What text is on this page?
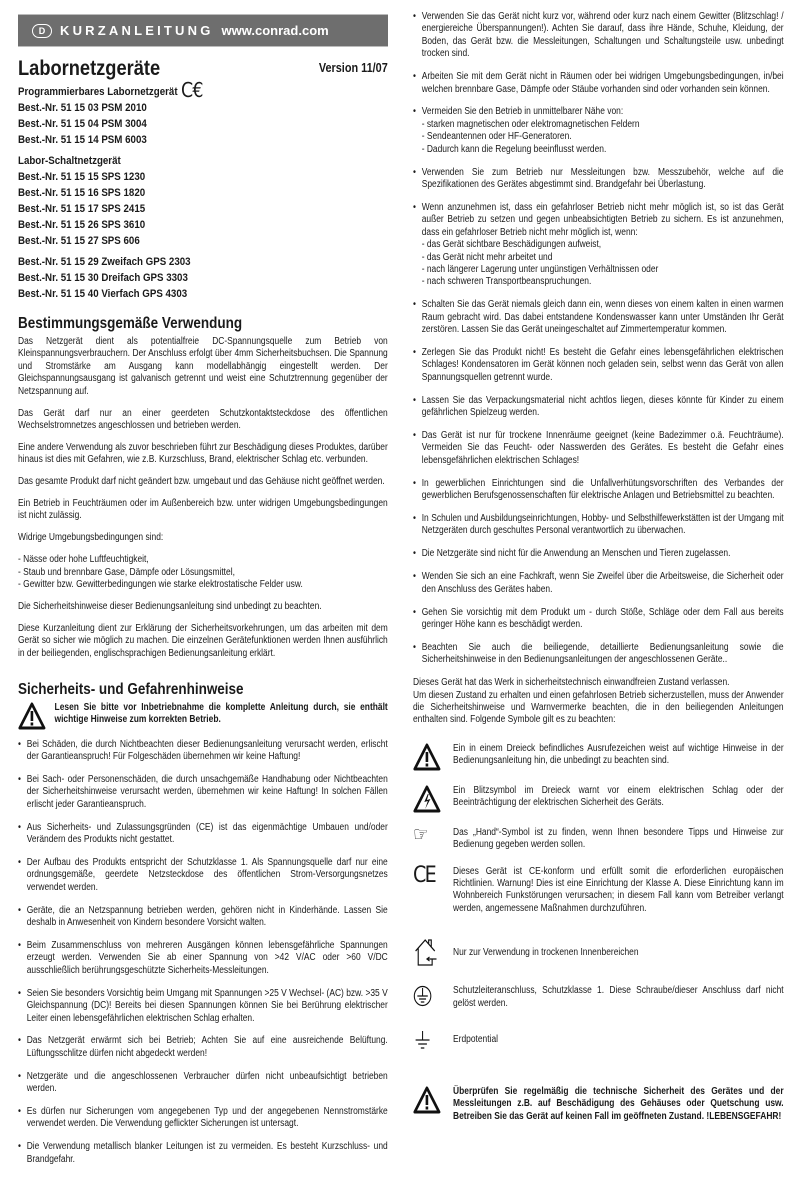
D	KURZANLEITUNG www.conrad.com
Version 11/07
Labornetzgeräte
Programmierbares Labornetzgerät C€
Best.-Nr. 51 15 03 PSM 2010
Best.-Nr. 51 15 04 PSM 3004
Best.-Nr. 51 15 14 PSM 6003
Labor-Schaltnetzgerät
Best.-Nr. 51 15 15 SPS 1230
Best.-Nr. 51 15 16 SPS 1820
Best.-Nr. 51 15 17 SPS 2415
Best.-Nr. 51 15 26 SPS 3610
Best.-Nr. 51 15 27 SPS 606
Best.-Nr. 51 15 29 Zweifach GPS 2303
Best.-Nr. 51 15 30 Dreifach GPS 3303
Best.-Nr. 51 15 40 Vierfach GPS 4303
Bestimmungsgemäße Verwendung

Das Netzgerät dient als potentialfreie DC-Spannungsquelle zum Betrieb von Kleinspannungsverbrauchern. Der Anschluss erfolgt über 4mm Sicherheitsbuchsen. Die Spannung und Stromstärke am Ausgang kann modellabhängig eingestellt werden. Der Gleichspannungsausgang ist galvanisch getrennt und weist eine Schutztrennung gegenüber der Netzspannung auf.

Das Gerät darf nur an einer geerdeten Schutzkontaktsteckdose des öffentlichen Wechselstromnetzes angeschlossen und betrieben werden.

Eine andere Verwendung als zuvor beschrieben führt zur Beschädigung dieses Produktes, darüber hinaus ist dies mit Gefahren, wie z.B. Kurzschluss, Brand, elektrischer Schlag etc. verbunden.

Das gesamte Produkt darf nicht geändert bzw. umgebaut und das Gehäuse nicht geöffnet werden.

Ein Betrieb in Feuchträumen oder im Außenbereich bzw. unter widrigen Umgebungsbedingungen ist nicht zulässig.

Widrige Umgebungsbedingungen sind:

- Nässe oder hohe Luftfeuchtigkeit,
- Staub und brennbare Gase, Dämpfe oder Lösungsmittel,
- Gewitter bzw. Gewitterbedingungen wie starke elektrostatische Felder usw.

Die Sicherheitshinweise dieser Bedienungsanleitung sind unbedingt zu beachten.

Diese Kurzanleitung dient zur Erklärung der Sicherheitsvorkehrungen, um das arbeiten mit dem Gerät so sicher wie möglich zu machen. Die einzelnen Gerätefunktionen werden Ihnen ausführlich in der beiliegenden, englischsprachigen Bedienungsanleitung erklärt.

Sicherheits- und Gefahrenhinweise
Lesen Sie bitte vor Inbetriebnahme die komplette Anleitung durch, sie enthält wichtige Hinweise zum korrekten Betrieb.
• Bei Schäden, die durch Nichtbeachten dieser Bedienungsanleitung verursacht werden, erlischt der Garantieanspruch! Für Folgeschäden übernehmen wir keine Haftung!
• Bei Sach- oder Personenschäden, die durch unsachgemäße Handhabung oder Nichtbeachten der Sicherheitshinweise verursacht werden, übernehmen wir keine Haftung! In solchen Fällen erlischt jeder Garantieanspruch.
• Aus Sicherheits- und Zulassungsgründen (CE) ist das eigenmächtige Umbauen und/oder Verändern des Produkts nicht gestattet.
• Der Aufbau des Produkts entspricht der Schutzklasse 1. Als Spannungsquelle darf nur eine ordnungsgemäße, geerdete Netzsteckdose des öffentlichen Strom-Versorgungsnetzes verwendet werden.
• Geräte, die an Netzspannung betrieben werden, gehören nicht in Kinderhände. Lassen Sie deshalb in Anwesenheit von Kindern besondere Vorsicht walten.
• Beim Zusammenschluss von mehreren Ausgängen können lebensgefährliche Spannungen erzeugt werden. Verwenden Sie ab einer Spannung von >42 V/AC oder >60 V/DC ausschließlich berührungsgeschützte Sicherheits-Messleitungen.
• Seien Sie besonders Vorsichtig beim Umgang mit Spannungen >25 V Wechsel- (AC) bzw. >35 V Gleichspannung (DC)! Bereits bei diesen Spannungen können Sie bei Berührung elektrischer Leiter einen lebensgefährlichen elektrischen Schlag erhalten.
• Das Netzgerät erwärmt sich bei Betrieb; Achten Sie auf eine ausreichende Belüftung. Lüftungsschlitze dürfen nicht abgedeckt werden!
• Netzgeräte und die angeschlossenen Verbraucher dürfen nicht unbeaufsichtigt betrieben werden.
• Es dürfen nur Sicherungen vom angegebenen Typ und der angegebenen Nennstromstärke verwendet werden. Die Verwendung geflickter Sicherungen ist untersagt.
• Die Verwendung metallisch blanker Leitungen ist zu vermeiden. Es besteht Kurzschluss- und Brandgefahr.
• Verwenden Sie das Gerät nicht kurz vor, während oder kurz nach einem Gewitter (Blitzschlag! / energiereiche Überspannungen!). Achten Sie darauf, dass ihre Hände, Schuhe, Kleidung, der Boden, das Gerät bzw. die Messleitungen, Schaltungen und Schaltungsteile usw. unbedingt trocken sind.
• Arbeiten Sie mit dem Gerät nicht in Räumen oder bei widrigen Umgebungsbedingungen, in/bei welchen brennbare Gase, Dämpfe oder Stäube vorhanden sind oder vorhanden sein können.
• Vermeiden Sie den Betrieb in unmittelbarer Nähe von:
- starken magnetischen oder elektromagnetischen Feldern
- Sendeantennen oder HF-Generatoren.
- Dadurch kann die Regelung beeinflusst werden.
• Verwenden Sie zum Betrieb nur Messleitungen bzw. Messzubehör, welche auf die Spezifikationen des Gerätes abgestimmt sind. Brandgefahr bei Überlastung.
• Wenn anzunehmen ist, dass ein gefahrloser Betrieb nicht mehr möglich ist, so ist das Gerät außer Betrieb zu setzen und gegen unbeabsichtigten Betrieb zu sichern. Es ist anzunehmen, dass ein gefahrloser Betrieb nicht mehr möglich ist, wenn:
- das Gerät sichtbare Beschädigungen aufweist,
- das Gerät nicht mehr arbeitet und
- nach längerer Lagerung unter ungünstigen Verhältnissen oder
- nach schweren Transportbeanspruchungen.
• Schalten Sie das Gerät niemals gleich dann ein, wenn dieses von einem kalten in einen warmen Raum gebracht wird. Das dabei entstandene Kondenswasser kann unter Umständen Ihr Gerät zerstören. Lassen Sie das Gerät uneingeschaltet auf Zimmertemperatur kommen.
• Zerlegen Sie das Produkt nicht! Es besteht die Gefahr eines lebensgefährlichen elektrischen Schlages! Kondensatoren im Gerät können noch geladen sein, selbst wenn das Gerät von allen Spannungsquellen getrennt wurde.
• Lassen Sie das Verpackungsmaterial nicht achtlos liegen, dieses könnte für Kinder zu einem gefährlichen Spielzeug werden.
• Das Gerät ist nur für trockene Innenräume geeignet (keine Badezimmer o.ä. Feuchträume). Vermeiden Sie das Feucht- oder Nasswerden des Gerätes. Es besteht die Gefahr eines lebensgefährlichen elektrischen Schlages!
• In gewerblichen Einrichtungen sind die Unfallverhütungsvorschriften des Verbandes der gewerblichen Berufsgenossenschaften für elektrische Anlagen und Betriebsmittel zu beachten.
• In Schulen und Ausbildungseinrichtungen, Hobby- und Selbsthilfewerkstätten ist der Umgang mit Netzgeräten durch geschultes Personal verantwortlich zu überwachen.
• Die Netzgeräte sind nicht für die Anwendung an Menschen und Tieren zugelassen.
• Wenden Sie sich an eine Fachkraft, wenn Sie Zweifel über die Arbeitsweise, die Sicherheit oder den Anschluss des Gerätes haben.
• Gehen Sie vorsichtig mit dem Produkt um - durch Stöße, Schläge oder dem Fall aus bereits geringer Höhe kann es beschädigt werden.
• Beachten Sie auch die beiliegende, detaillierte Bedienungsanleitung sowie die Sicherheitshinweise in den Bedienungsanleitungen der angeschlossenen Geräte..

Dieses Gerät hat das Werk in sicherheitstechnisch einwandfreien Zustand verlassen.
Um diesen Zustand zu erhalten und einen gefahrlosen Betrieb sicherzustellen, muss der Anwender die Sicherheitshinweise und Warnvermerke beachten, die in den beiliegenden Anleitungen enthalten sind. Folgende Symbole gilt es zu beachten:

Ein in einem Dreieck befindliches Ausrufezeichen weist auf wichtige Hinweise in der Bedienungsanleitung hin, die unbedingt zu beachten sind.
Ein Blitzsymbol im Dreieck warnt vor einem elektrischen Schlag oder der Beeinträchtigung der elektrischen Sicherheit des Geräts.
☞	Das „Hand“-Symbol ist zu finden, wenn Ihnen besondere Tipps und Hinweise zur Bedienung gegeben werden sollen.
CE Dieses Gerät ist CE-konform und erfüllt somit die erforderlichen europäischen Richtlinien. Warnung! Dies ist eine Einrichtung der Klasse A. Diese Einrichtung kann im Wohnbereich Funkstörungen verursachen; in diesem Fall kann vom Betreiber verlangt werden, angemessene Maßnahmen durchzuführen.
Nur zur Verwendung in trockenen Innenbereichen
Schutzleiteranschluss, Schutzklasse 1. Diese Schraube/dieser Anschluss darf nicht gelöst werden.
Erdpotential
Überprüfen Sie regelmäßig die technische Sicherheit des Gerätes und der Messleitungen z.B. auf Beschädigung des Gehäuses oder Quetschung usw. Betreiben Sie das Gerät auf keinen Fall im geöffneten Zustand. !LEBENSGEFAHR!
